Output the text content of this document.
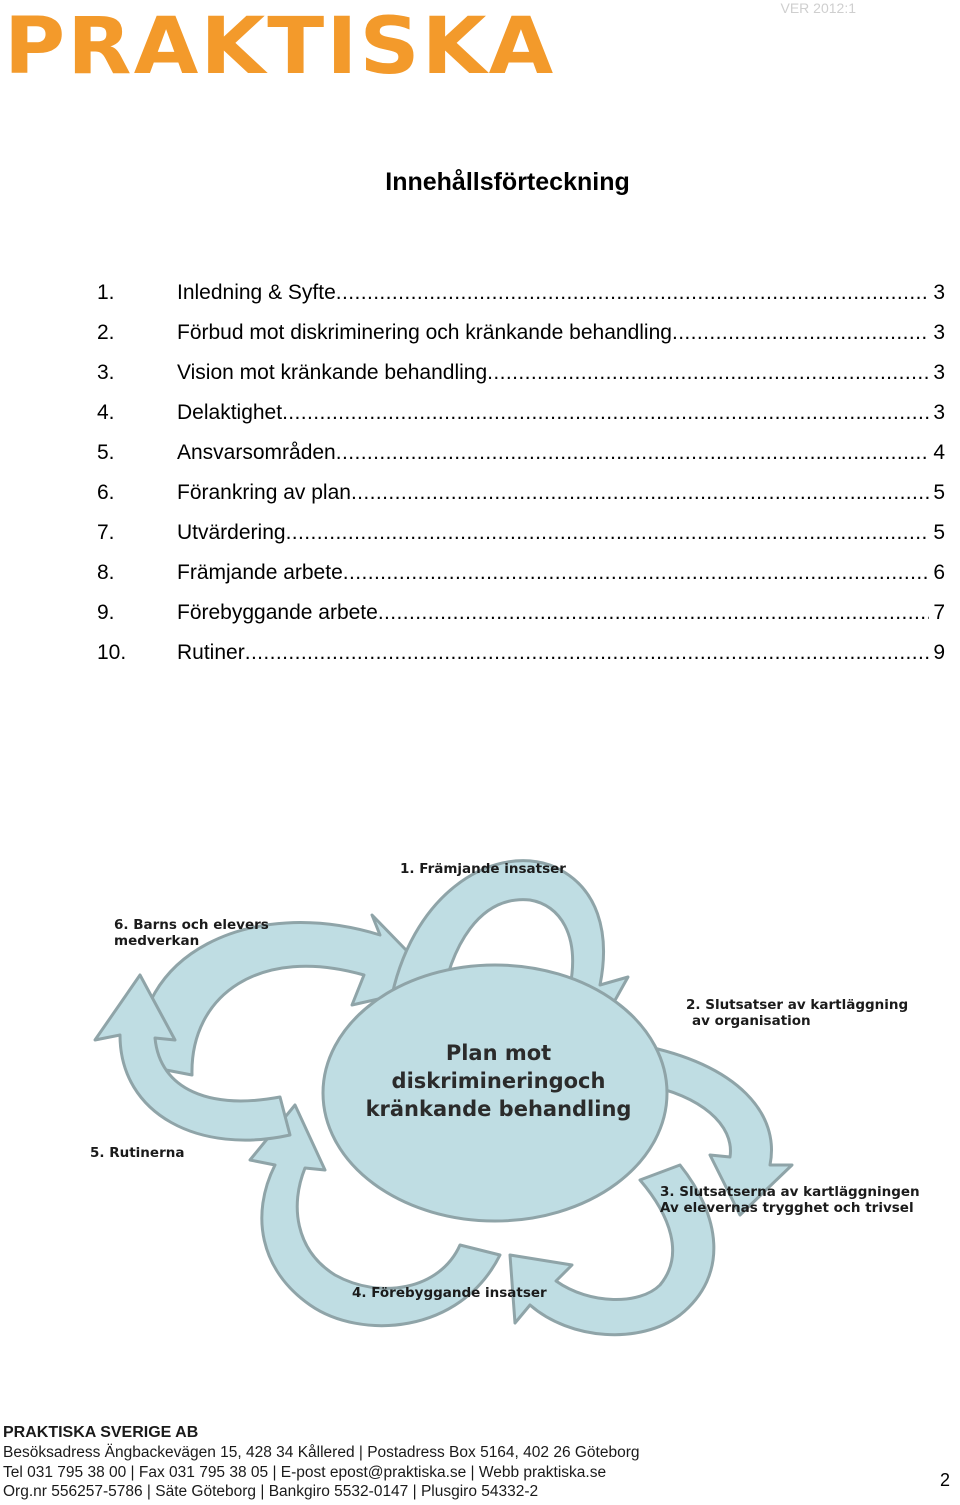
PRAKTISKA	VER 2012:1
Innehållsförteckning
1.	Inledning & Syfte .....	3
2.	Förbud mot diskriminering och kränkande behandling .....	3
3.	Vision mot kränkande behandling .....	3
4.	Delaktighet .....	3
5.	Ansvarsområden .....	4
6.	Förankring av plan .....	5
7.	Utvärdering .....	5
8.	Främjande arbete .....	6
9.	Förebyggande arbete .....	7
10.	Rutiner .....	9
Plan mot
diskrimineringoch
kränkande behandling
1. Främjande insatser
2. Slutsatser av kartläggning
av organisation
3. Slutsatserna av kartläggningen
Av elevernas trygghet och trivsel
4. Förebyggande insatser
5. Rutinerna
6. Barns och elevers
medverkan
PRAKTISKA SVERIGE AB
Besöksadress Ängbackevägen 15, 428 34 Kållered | Postadress Box 5164, 402 26 Göteborg
Tel 031 795 38 00 | Fax 031 795 38 05 | E-post epost@praktiska.se | Webb praktiska.se
Org.nr 556257-5786 | Säte Göteborg | Bankgiro 5532-0147 | Plusgiro 54332-2
2
